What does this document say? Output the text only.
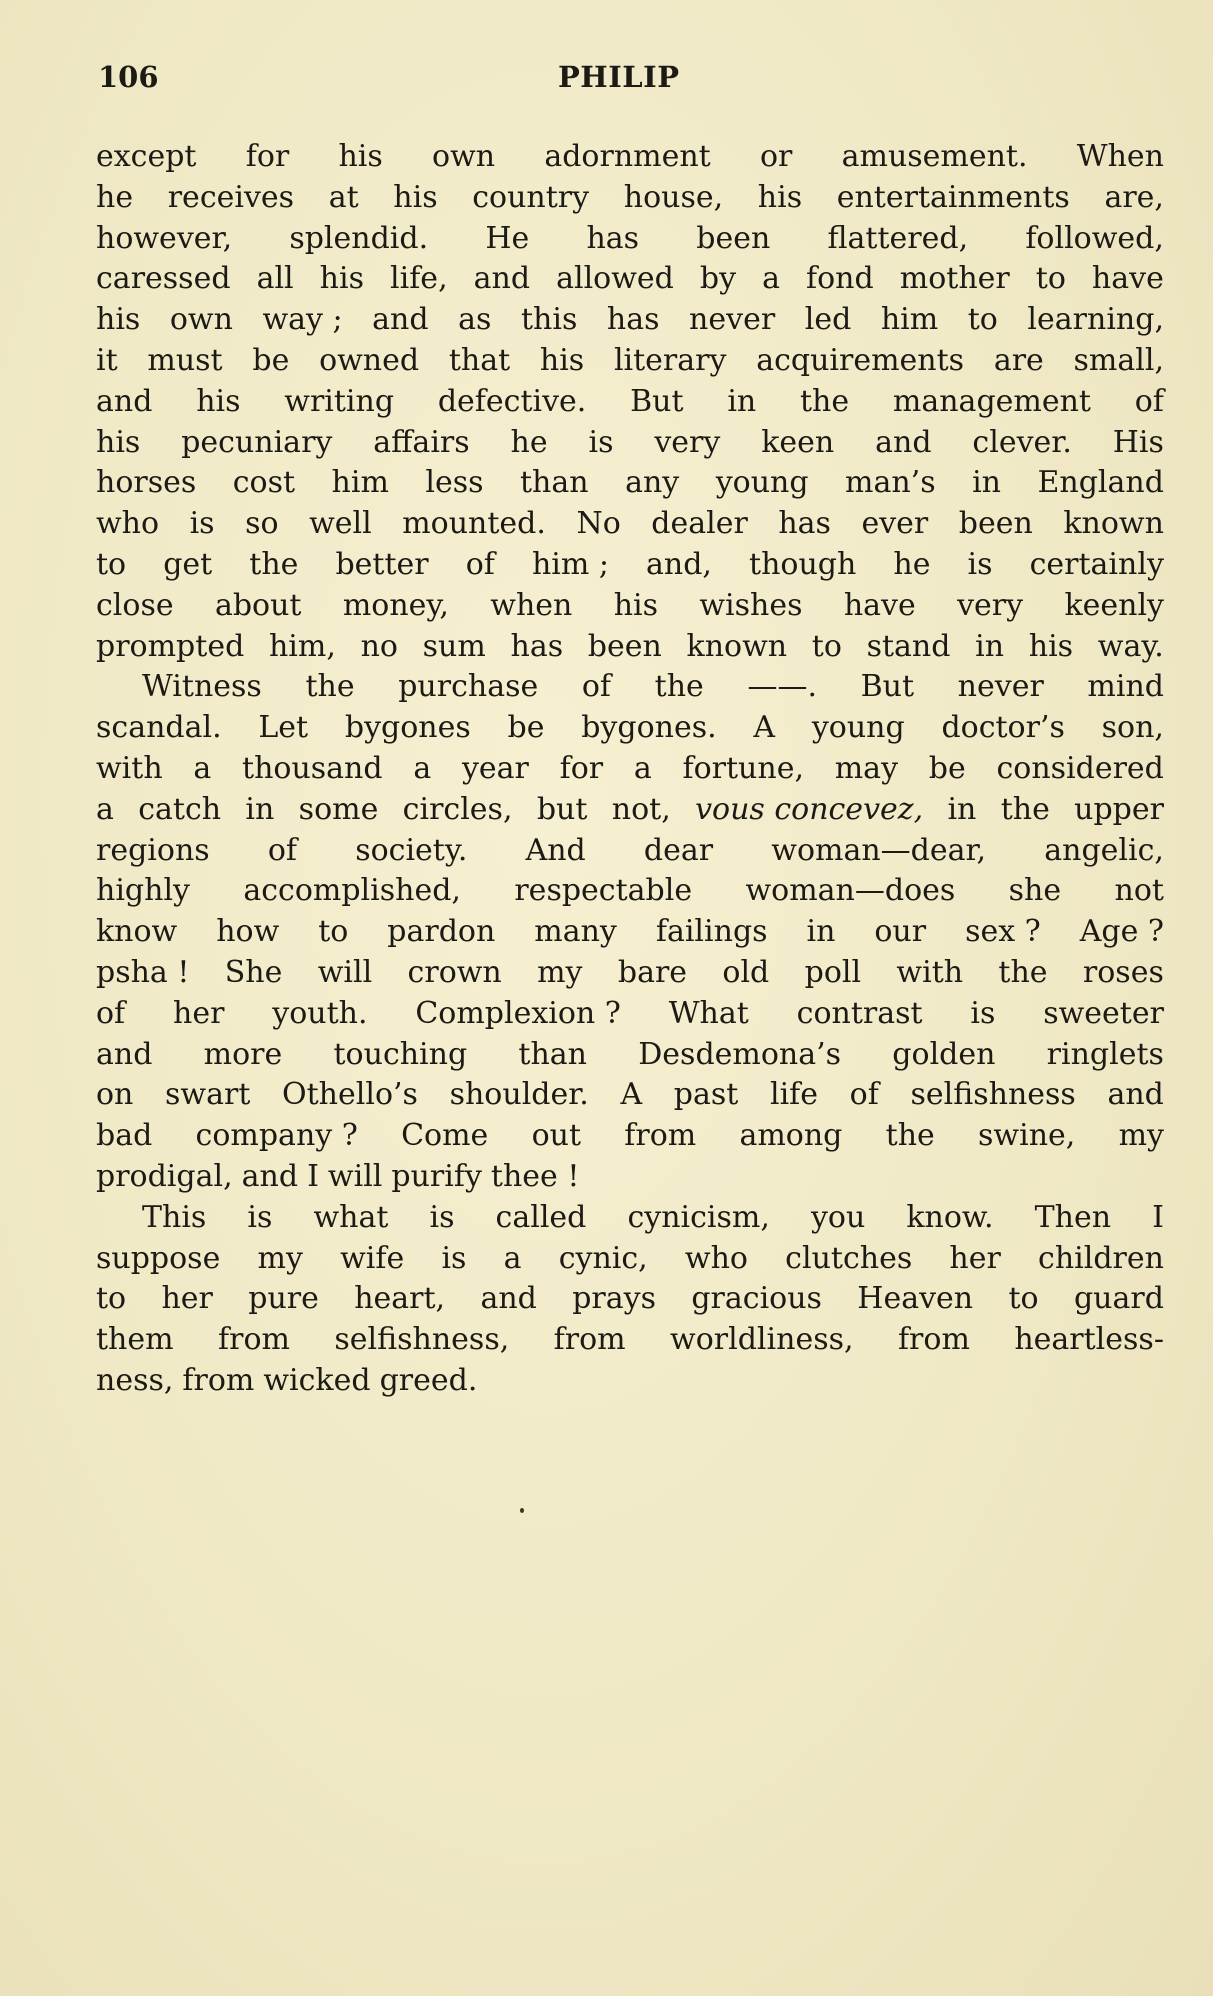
106	PHILIP
except for his own adornment or amusement. When
he receives at his country house, his entertainments are,
however, splendid. He has been flattered, followed,
caressed all his life, and allowed by a fond mother to have
his own way ; and as this has never led him to learning,
it must be owned that his literary acquirements are small,
and his writing defective. But in the management of
his pecuniary affairs he is very keen and clever. His
horses cost him less than any young man’s in England
who is so well mounted. No dealer has ever been known
to get the better of him ; and, though he is certainly
close about money, when his wishes have very keenly
prompted him, no sum has been known to stand in his way.
Witness the purchase of the ——. But never mind
scandal. Let bygones be bygones. A young doctor’s son,
with a thousand a year for a fortune, may be considered
a catch in some circles, but not, vous concevez, in the upper
regions of society. And dear woman—dear, angelic,
highly accomplished, respectable woman—does she not
know how to pardon many failings in our sex ? Age ?
psha ! She will crown my bare old poll with the roses
of her youth. Complexion ? What contrast is sweeter
and more touching than Desdemona’s golden ringlets
on swart Othello’s shoulder. A past life of selfishness and
bad company ? Come out from among the swine, my
prodigal, and I will purify thee !
This is what is called cynicism, you know. Then I
suppose my wife is a cynic, who clutches her children
to her pure heart, and prays gracious Heaven to guard
them from selfishness, from worldliness, from heartless-
ness, from wicked greed.
